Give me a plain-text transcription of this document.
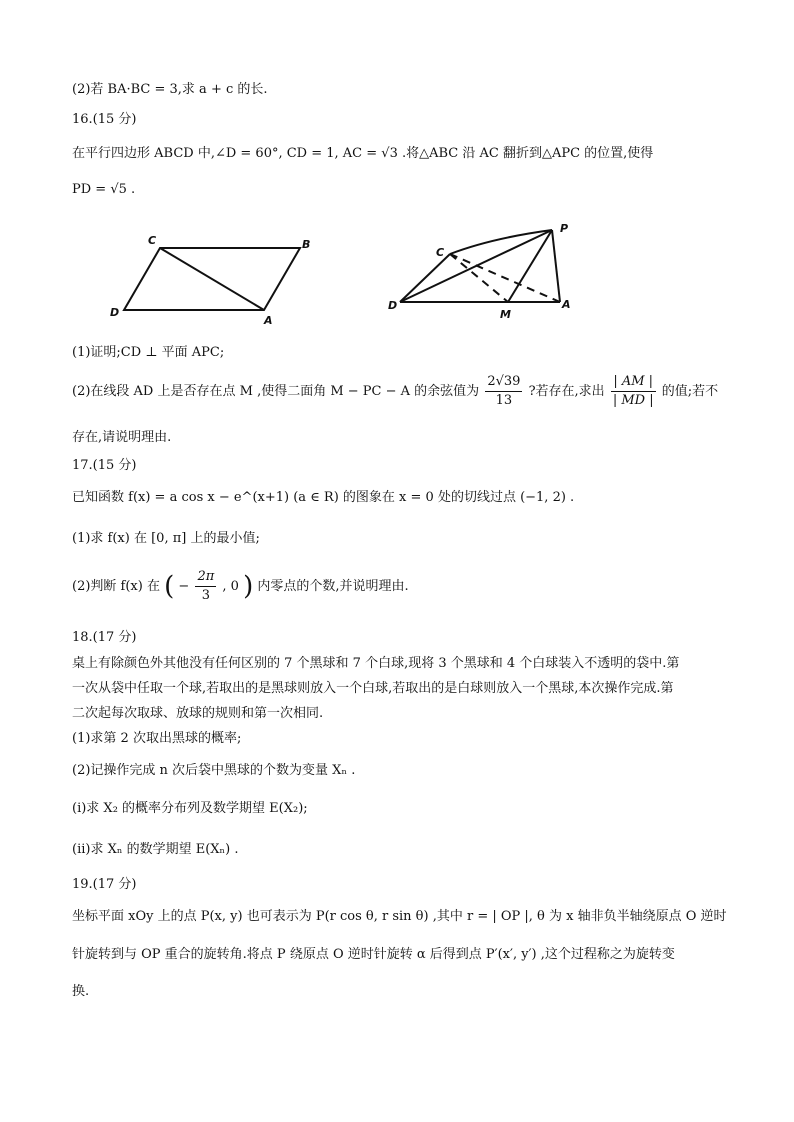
(2)若 BA·BC = 3,求 a + c 的长.
16.(15 分)
在平行四边形 ABCD 中,∠D = 60°, CD = 1, AC = √3 .将△ABC 沿 AC 翻折到△APC 的位置,使得
PD = √5 .
C	B
D
A
P
C
D
M
A
(1)证明;CD ⊥ 平面 APC;
(2)在线段 AD 上是否存在点 M ,使得二面角 M − PC − A 的余弦值为 $\frac{2√39}{13}$ ?若存在,求出 $\frac{| AM |}{| MD |}$ 的值;若不
存在,请说明理由.
17.(15 分)
已知函数 f(x) = a cos x − e^(x+1) (a ∈ R) 的图象在 x = 0 处的切线过点 (−1, 2) .
(1)求 f(x) 在 [0, π] 上的最小值;
(2)判断 f(x) 在 ( − $\frac{2\pi}{3}$ , 0 ) 内零点的个数,并说明理由.
18.(17 分)
桌上有除颜色外其他没有任何区别的 7 个黑球和 7 个白球,现将 3 个黑球和 4 个白球装入不透明的袋中.第
一次从袋中任取一个球,若取出的是黑球则放入一个白球,若取出的是白球则放入一个黑球,本次操作完成.第
二次起每次取球、放球的规则和第一次相同.
(1)求第 2 次取出黑球的概率;
(2)记操作完成 n 次后袋中黑球的个数为变量 Xₙ .
(i)求 X₂ 的概率分布列及数学期望 E(X₂);
(ii)求 Xₙ 的数学期望 E(Xₙ) .
19.(17 分)
坐标平面 xOy 上的点 P(x, y) 也可表示为 P(r cos θ, r sin θ) ,其中 r = | OP |, θ 为 x 轴非负半轴绕原点 O 逆时
针旋转到与 OP 重合的旋转角.将点 P 绕原点 O 逆时针旋转 α 后得到点 P′(x′, y′) ,这个过程称之为旋转变
换.
